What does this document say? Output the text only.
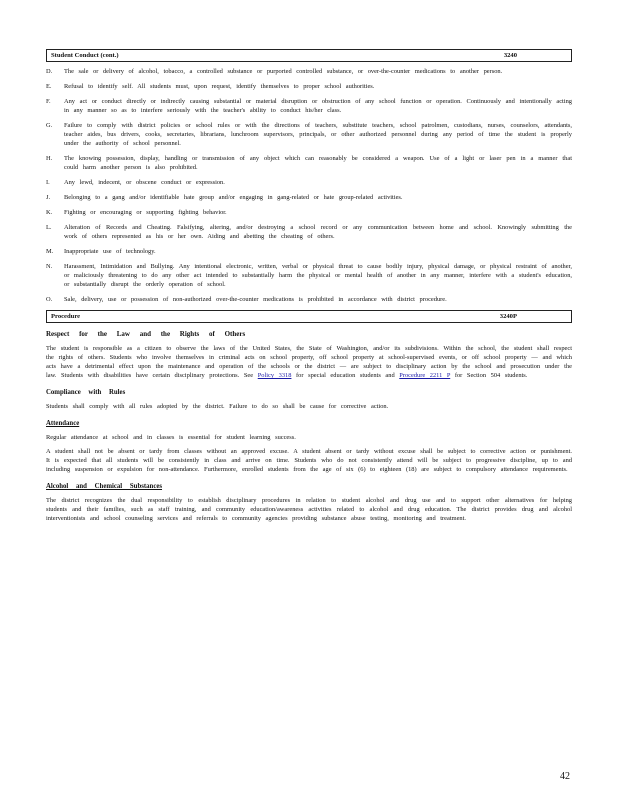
Student Conduct (cont.)	3240
D.	The sale or delivery of alcohol, tobacco, a controlled substance or purported controlled substance, or over-the-counter medications to another person.
E.	Refusal to identify self. All students must, upon request, identify themselves to proper school authorities.
F.	Any act or conduct directly or indirectly causing substantial or material disruption or obstruction of any school function or operation. Continuously and intentionally acting in any manner so as to interfere seriously with the teacher's ability to conduct his/her class.
G.	Failure to comply with district policies or school rules or with the directions of teachers, substitute teachers, school patrolmen, custodians, nurses, counselors, attendants, teacher aides, bus drivers, cooks, secretaries, librarians, lunchroom supervisors, principals, or other authorized personnel during any period of time the student is properly under the authority of school personnel.
H.	The knowing possession, display, handling or transmission of any object which can reasonably be considered a weapon. Use of a light or laser pen in a manner that could harm another person is also prohibited.
I.	Any lewd, indecent, or obscene conduct or expression.
J.	Belonging to a gang and/or identifiable hate group and/or engaging in gang-related or hate group-related activities.
K.	Fighting or encouraging or supporting fighting behavior.
L.	Alteration of Records and Cheating. Falsifying, altering, and/or destroying a school record or any communication between home and school. Knowingly submitting the work of others represented as his or her own. Aiding and abetting the cheating of others.
M.	Inappropriate use of technology.
N.	Harassment, Intimidation and Bullying. Any intentional electronic, written, verbal or physical threat to cause bodily injury, physical damage, or physical restraint of another, or maliciously threatening to do any other act intended to substantially harm the physical or mental health of another in any manner, interfere with a student's education, or substantially disrupt the orderly operation of school.
O.	Sale, delivery, use or possession of non-authorized over-the-counter medications is prohibited in accordance with district procedure.
Procedure	3240P
Respect for the Law and the Rights of Others
The student is responsible as a citizen to observe the laws of the United States, the State of Washington, and/or its subdivisions. Within the school, the student shall respect the rights of others. Students who involve themselves in criminal acts on school property, off school property at school-supervised events, or off school property — and which acts have a detrimental effect upon the maintenance and operation of the schools or the district — are subject to disciplinary action by the school and prosecution under the law. Students with disabilities have certain disciplinary protections. See Policy 3318 for special education students and Procedure 2211 P for Section 504 students.
Compliance with Rules
Students shall comply with all rules adopted by the district. Failure to do so shall be cause for corrective action.
Attendance
Regular attendance at school and in classes is essential for student learning success.
A student shall not be absent or tardy from classes without an approved excuse. A student absent or tardy without excuse shall be subject to corrective action or punishment. It is expected that all students will be consistently in class and arrive on time. Students who do not consistently attend will be subject to progressive discipline, up to and including suspension or expulsion for non-attendance. Furthermore, enrolled students from the age of six (6) to eighteen (18) are subject to compulsory attendance requirements.
Alcohol and Chemical Substances
The district recognizes the dual responsibility to establish disciplinary procedures in relation to student alcohol and drug use and to support other alternatives for helping students and their families, such as staff training, and community education/awareness activities related to alcohol and drug education. The district provides drug and alcohol interventionists and school counseling services and referrals to community agencies providing substance abuse testing, monitoring and treatment.
42
